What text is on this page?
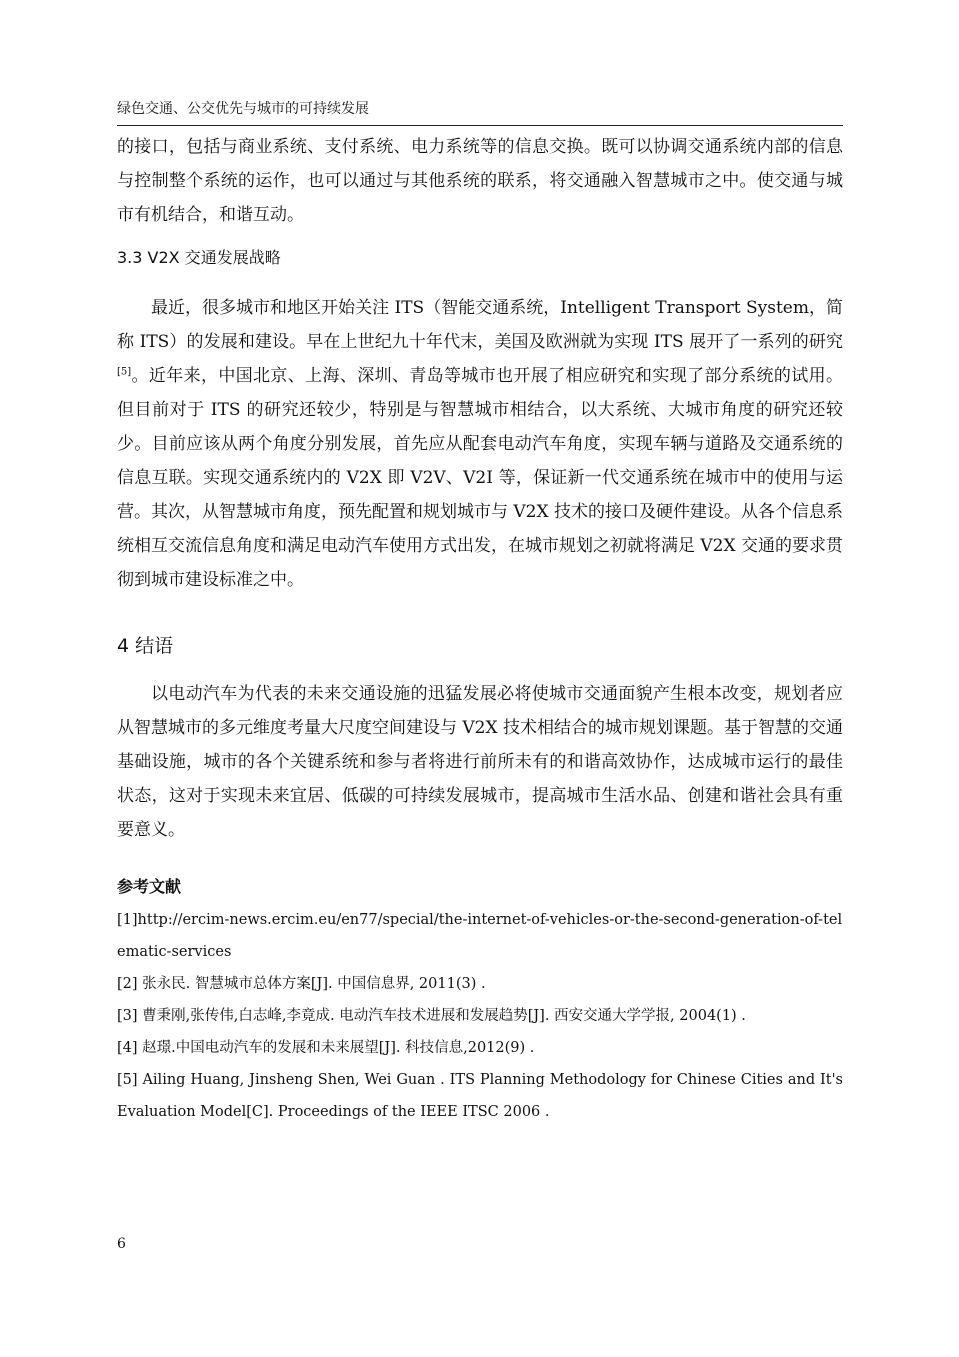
绿色交通、公交优先与城市的可持续发展

的接口，包括与商业系统、支付系统、电力系统等的信息交换。既可以协调交通系统内部的信息与控制整个系统的运作，也可以通过与其他系统的联系，将交通融入智慧城市之中。使交通与城市有机结合，和谐互动。

3.3 V2X 交通发展战略

最近，很多城市和地区开始关注 ITS（智能交通系统，Intelligent Transport System，简称 ITS）的发展和建设。早在上世纪九十年代末，美国及欧洲就为实现 ITS 展开了一系列的研究[5]。近年来，中国北京、上海、深圳、青岛等城市也开展了相应研究和实现了部分系统的试用。但目前对于 ITS 的研究还较少，特别是与智慧城市相结合，以大系统、大城市角度的研究还较少。目前应该从两个角度分别发展，首先应从配套电动汽车角度，实现车辆与道路及交通系统的信息互联。实现交通系统内的 V2X 即 V2V、V2I 等，保证新一代交通系统在城市中的使用与运营。其次，从智慧城市角度，预先配置和规划城市与 V2X 技术的接口及硬件建设。从各个信息系统相互交流信息角度和满足电动汽车使用方式出发，在城市规划之初就将满足 V2X 交通的要求贯彻到城市建设标准之中。

4 结语

以电动汽车为代表的未来交通设施的迅猛发展必将使城市交通面貌产生根本改变，规划者应从智慧城市的多元维度考量大尺度空间建设与 V2X 技术相结合的城市规划课题。基于智慧的交通基础设施，城市的各个关键系统和参与者将进行前所未有的和谐高效协作，达成城市运行的最佳状态，这对于实现未来宜居、低碳的可持续发展城市，提高城市生活水品、创建和谐社会具有重要意义。

参考文献
[1]http://ercim-news.ercim.eu/en77/special/the-internet-of-vehicles-or-the-second-generation-of-telematic-services
[2] 张永民. 智慧城市总体方案[J]. 中国信息界, 2011(3) .
[3] 曹秉刚,张传伟,白志峰,李竟成. 电动汽车技术进展和发展趋势[J]. 西安交通大学学报, 2004(1) .
[4] 赵璟.中国电动汽车的发展和未来展望[J]. 科技信息,2012(9) .
[5] Ailing Huang, Jinsheng Shen, Wei Guan . ITS Planning Methodology for Chinese Cities and It's Evaluation Model[C]. Proceedings of the IEEE ITSC 2006 .
6
